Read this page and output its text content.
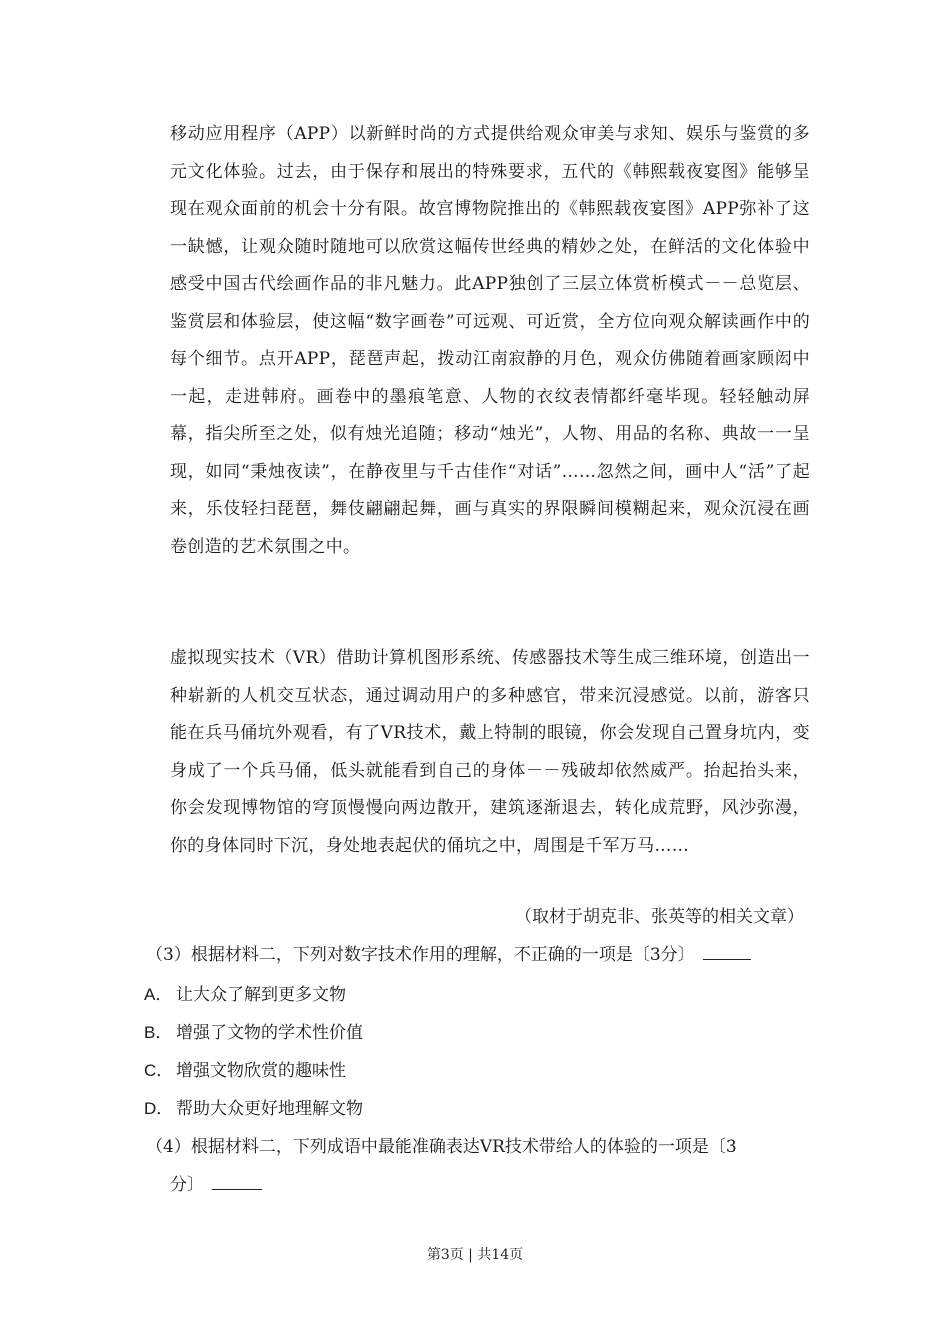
移动应用程序（APP）以新鲜时尚的方式提供给观众审美与求知、娱乐与鉴赏的多元文化体验。过去，由于保存和展出的特殊要求，五代的《韩熙载夜宴图》能够呈现在观众面前的机会十分有限。故宫博物院推出的《韩熙载夜宴图》APP弥补了这一缺憾，让观众随时随地可以欣赏这幅传世经典的精妙之处，在鲜活的文化体验中感受中国古代绘画作品的非凡魅力。此APP独创了三层立体赏析模式－－总览层、鉴赏层和体验层，使这幅“数字画卷”可远观、可近赏，全方位向观众解读画作中的每个细节。点开APP，琵琶声起，拨动江南寂静的月色，观众仿佛随着画家顾闳中一起，走进韩府。画卷中的墨痕笔意、人物的衣纹表情都纤毫毕现。轻轻触动屏幕，指尖所至之处，似有烛光追随；移动“烛光”，人物、用品的名称、典故一一呈现，如同“秉烛夜读”，在静夜里与千古佳作“对话”……忽然之间，画中人“活”了起来，乐伎轻扫琵琶，舞伎翩翩起舞，画与真实的界限瞬间模糊起来，观众沉浸在画卷创造的艺术氛围之中。
虚拟现实技术（VR）借助计算机图形系统、传感器技术等生成三维环境，创造出一种崭新的人机交互状态，通过调动用户的多种感官，带来沉浸感觉。以前，游客只能在兵马俑坑外观看，有了VR技术，戴上特制的眼镜，你会发现自己置身坑内，变身成了一个兵马俑，低头就能看到自己的身体－－残破却依然威严。抬起抬头来，你会发现博物馆的穹顶慢慢向两边散开，建筑逐渐退去，转化成荒野，风沙弥漫，你的身体同时下沉，身处地表起伏的俑坑之中，周围是千军万马……
（取材于胡克非、张英等的相关文章）
（3）根据材料二，下列对数字技术作用的理解，不正确的一项是〔3分〕
A． 让大众了解到更多文物
B． 增强了文物的学术性价值
C． 增强文物欣赏的趣味性
D． 帮助大众更好地理解文物
（4）根据材料二，下列成语中最能准确表达VR技术带给人的体验的一项是〔3
分〕
第3页 | 共14页
